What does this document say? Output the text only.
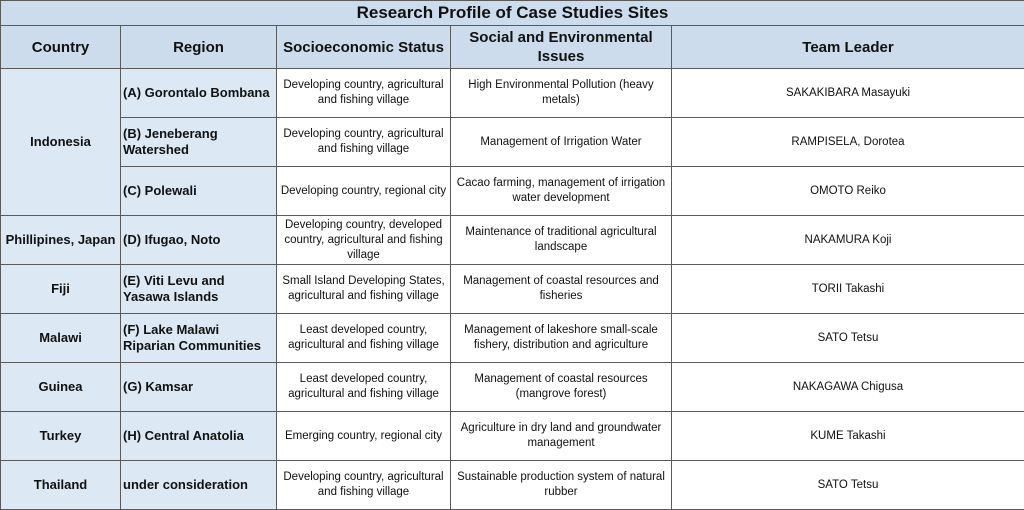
Research Profile of Case Studies Sites				
Country	Region	Socioeconomic Status	Social and Environmental Issues	Team Leader
Indonesia	(A) Gorontalo Bombana	Developing country, agricultural and fishing village	High Environmental Pollution (heavy metals)	SAKAKIBARA Masayuki
	(B) Jeneberang Watershed	Developing country, agricultural and fishing village	Management of Irrigation Water	RAMPISELA, Dorotea
	(C) Polewali	Developing country, regional city	Cacao farming, management of irrigation water development	OMOTO Reiko
Phillipines, Japan	(D) Ifugao, Noto	Developing country, developed country, agricultural and fishing village	Maintenance of traditional agricultural landscape	NAKAMURA Koji
Fiji	(E) Viti Levu and Yasawa Islands	Small Island Developing States, agricultural and fishing village	Management of coastal resources and fisheries	TORII Takashi
Malawi	(F) Lake Malawi Riparian Communities	Least developed country, agricultural and fishing village	Management of lakeshore small-scale fishery, distribution and agriculture	SATO Tetsu
Guinea	(G) Kamsar	Least developed country, agricultural and fishing village	Management of coastal resources (mangrove forest)	NAKAGAWA Chigusa
Turkey	(H) Central Anatolia	Emerging country, regional city	Agriculture in dry land and groundwater management	KUME Takashi
Thailand	under consideration	Developing country, agricultural and fishing village	Sustainable production system of natural rubber	SATO Tetsu
